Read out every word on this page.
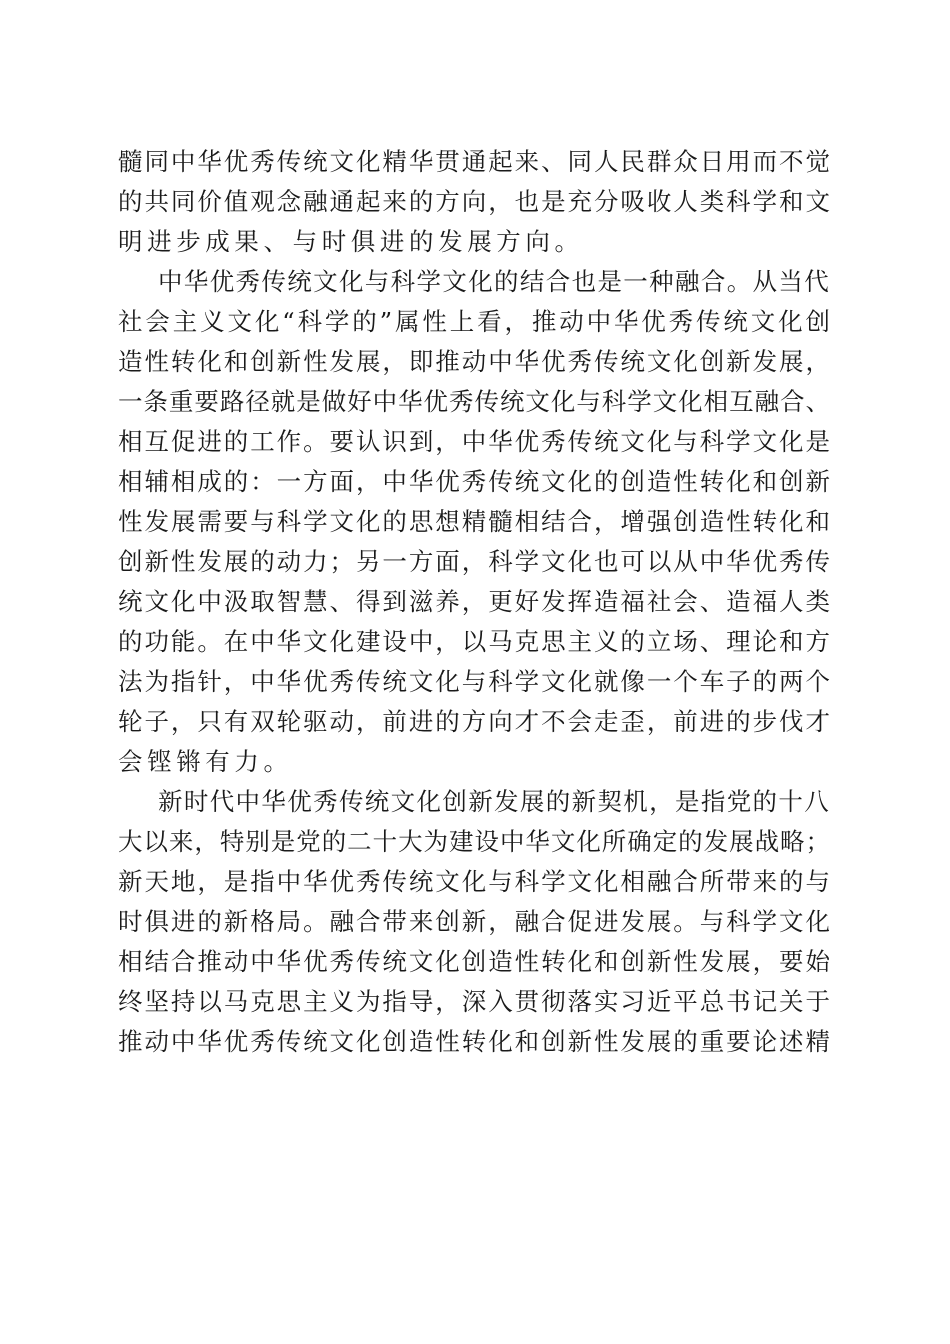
髓同中华优秀传统文化精华贯通起来、同人民群众日用而不觉
的共同价值观念融通起来的方向，也是充分吸收人类科学和文
明进步成果、与时俱进的发展方向。
中华优秀传统文化与科学文化的结合也是一种融合。从当代
社会主义文化“科学的”属性上看，推动中华优秀传统文化创
造性转化和创新性发展，即推动中华优秀传统文化创新发展，
一条重要路径就是做好中华优秀传统文化与科学文化相互融合、
相互促进的工作。要认识到，中华优秀传统文化与科学文化是
相辅相成的：一方面，中华优秀传统文化的创造性转化和创新
性发展需要与科学文化的思想精髓相结合，增强创造性转化和
创新性发展的动力；另一方面，科学文化也可以从中华优秀传
统文化中汲取智慧、得到滋养，更好发挥造福社会、造福人类
的功能。在中华文化建设中，以马克思主义的立场、理论和方
法为指针，中华优秀传统文化与科学文化就像一个车子的两个
轮子，只有双轮驱动，前进的方向才不会走歪，前进的步伐才
会铿锵有力。
新时代中华优秀传统文化创新发展的新契机，是指党的十八
大以来，特别是党的二十大为建设中华文化所确定的发展战略；
新天地，是指中华优秀传统文化与科学文化相融合所带来的与
时俱进的新格局。融合带来创新，融合促进发展。与科学文化
相结合推动中华优秀传统文化创造性转化和创新性发展，要始
终坚持以马克思主义为指导，深入贯彻落实习近平总书记关于
推动中华优秀传统文化创造性转化和创新性发展的重要论述精
